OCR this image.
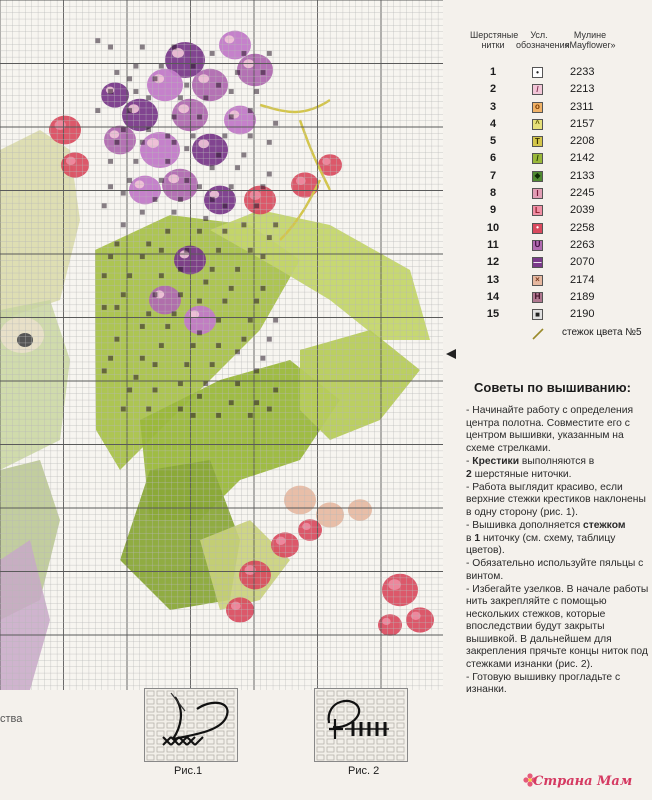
Шерстяные нитки
Усл. обозначения
Мулине «Mayflower»
1	•	2233
2	/	2213
3	o	2311
4	^	2157
5	T	2208
6	/	2142
7	◆	2133
8	I	2245
9	L	2039
10	•	2258
11	U	2263
12	—	2070
13	×	2174
14	H	2189
15	■	2190
стежок цвета №5
Советы по вышиванию:
- Начинайте работу с определения центра полотна. Совместите его с центром вышивки, указанным на схеме стрелками.
- Крестики выполняются в
2 шерстяные ниточки.
- Работа выглядит красиво, если верхние стежки крестиков наклонены в одну сторону (рис. 1).
- Вышивка дополняется стежком
в 1 ниточку (см. схему, таблицу цветов).
- Обязательно используйте пяльцы с винтом.
- Избегайте узелков. В начале работы нить закрепляйте с помощью нескольких стежков, которые впоследствии будут закрыты вышивкой. В дальнейшем для закрепления прячьте концы ниток под стежками изнанки (рис. 2).
- Готовую вышивку прогладьте с изнанки.
Рис.1	Рис. 2
ства
Страна Мам
